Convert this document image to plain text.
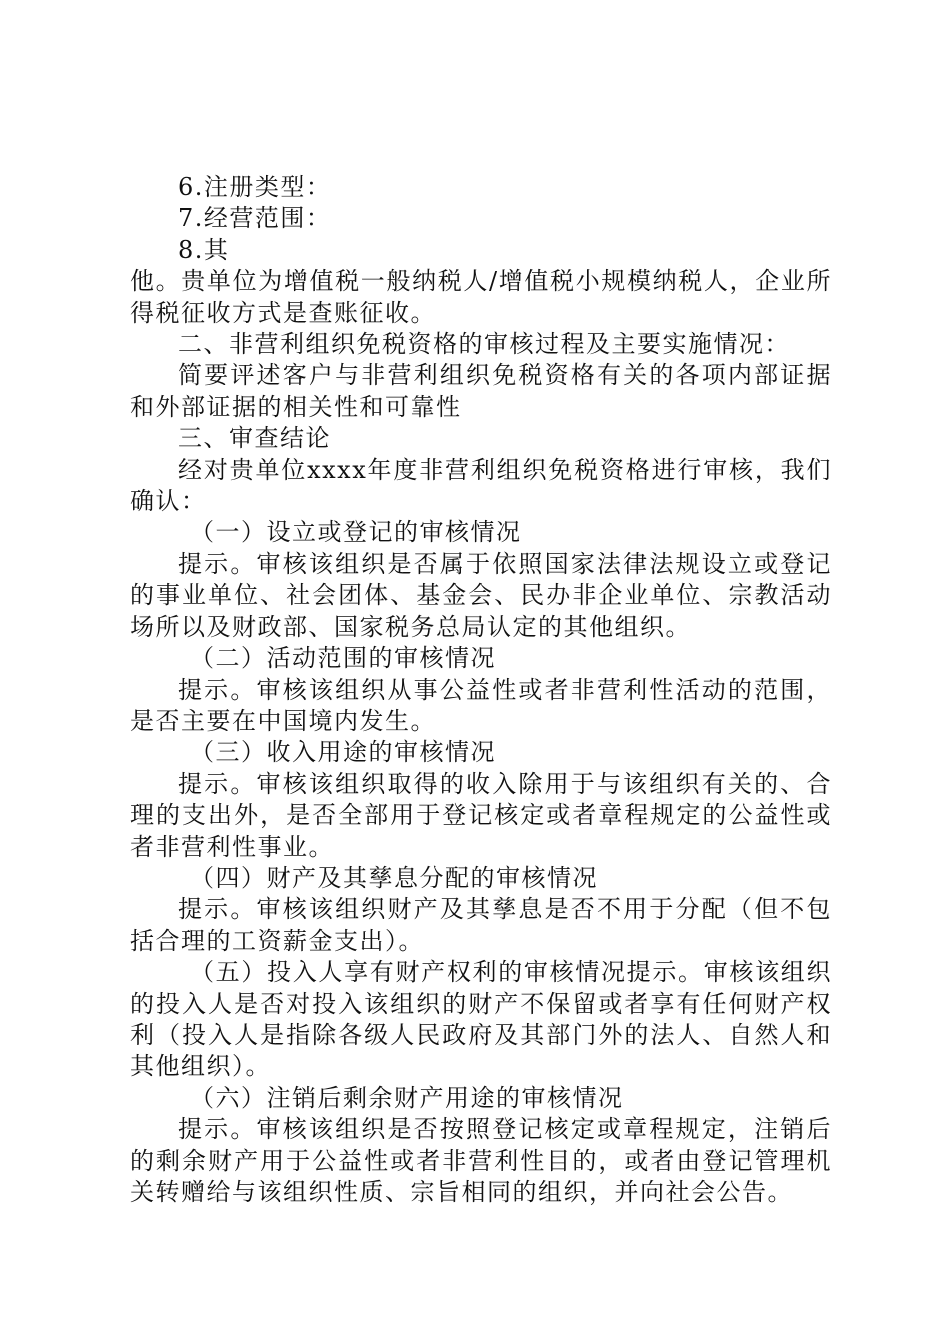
6.注册类型：

7.经营范围：

8.其

他。贵单位为增值税一般纳税人/增值税小规模纳税人，企业所得税征收方式是查账征收。

二、非营利组织免税资格的审核过程及主要实施情况：

简要评述客户与非营利组织免税资格有关的各项内部证据和外部证据的相关性和可靠性

三、审查结论

经对贵单位xxxx年度非营利组织免税资格进行审核，我们确认：

（一）设立或登记的审核情况

提示。审核该组织是否属于依照国家法律法规设立或登记的事业单位、社会团体、基金会、民办非企业单位、宗教活动场所以及财政部、国家税务总局认定的其他组织。

（二）活动范围的审核情况

提示。审核该组织从事公益性或者非营利性活动的范围，是否主要在中国境内发生。

（三）收入用途的审核情况

提示。审核该组织取得的收入除用于与该组织有关的、合理的支出外，是否全部用于登记核定或者章程规定的公益性或者非营利性事业。

（四）财产及其孳息分配的审核情况

提示。审核该组织财产及其孳息是否不用于分配（但不包括合理的工资薪金支出）。

（五）投入人享有财产权利的审核情况提示。审核该组织的投入人是否对投入该组织的财产不保留或者享有任何财产权利（投入人是指除各级人民政府及其部门外的法人、自然人和其他组织）。

（六）注销后剩余财产用途的审核情况

提示。审核该组织是否按照登记核定或章程规定，注销后的剩余财产用于公益性或者非营利性目的，或者由登记管理机关转赠给与该组织性质、宗旨相同的组织，并向社会公告。
